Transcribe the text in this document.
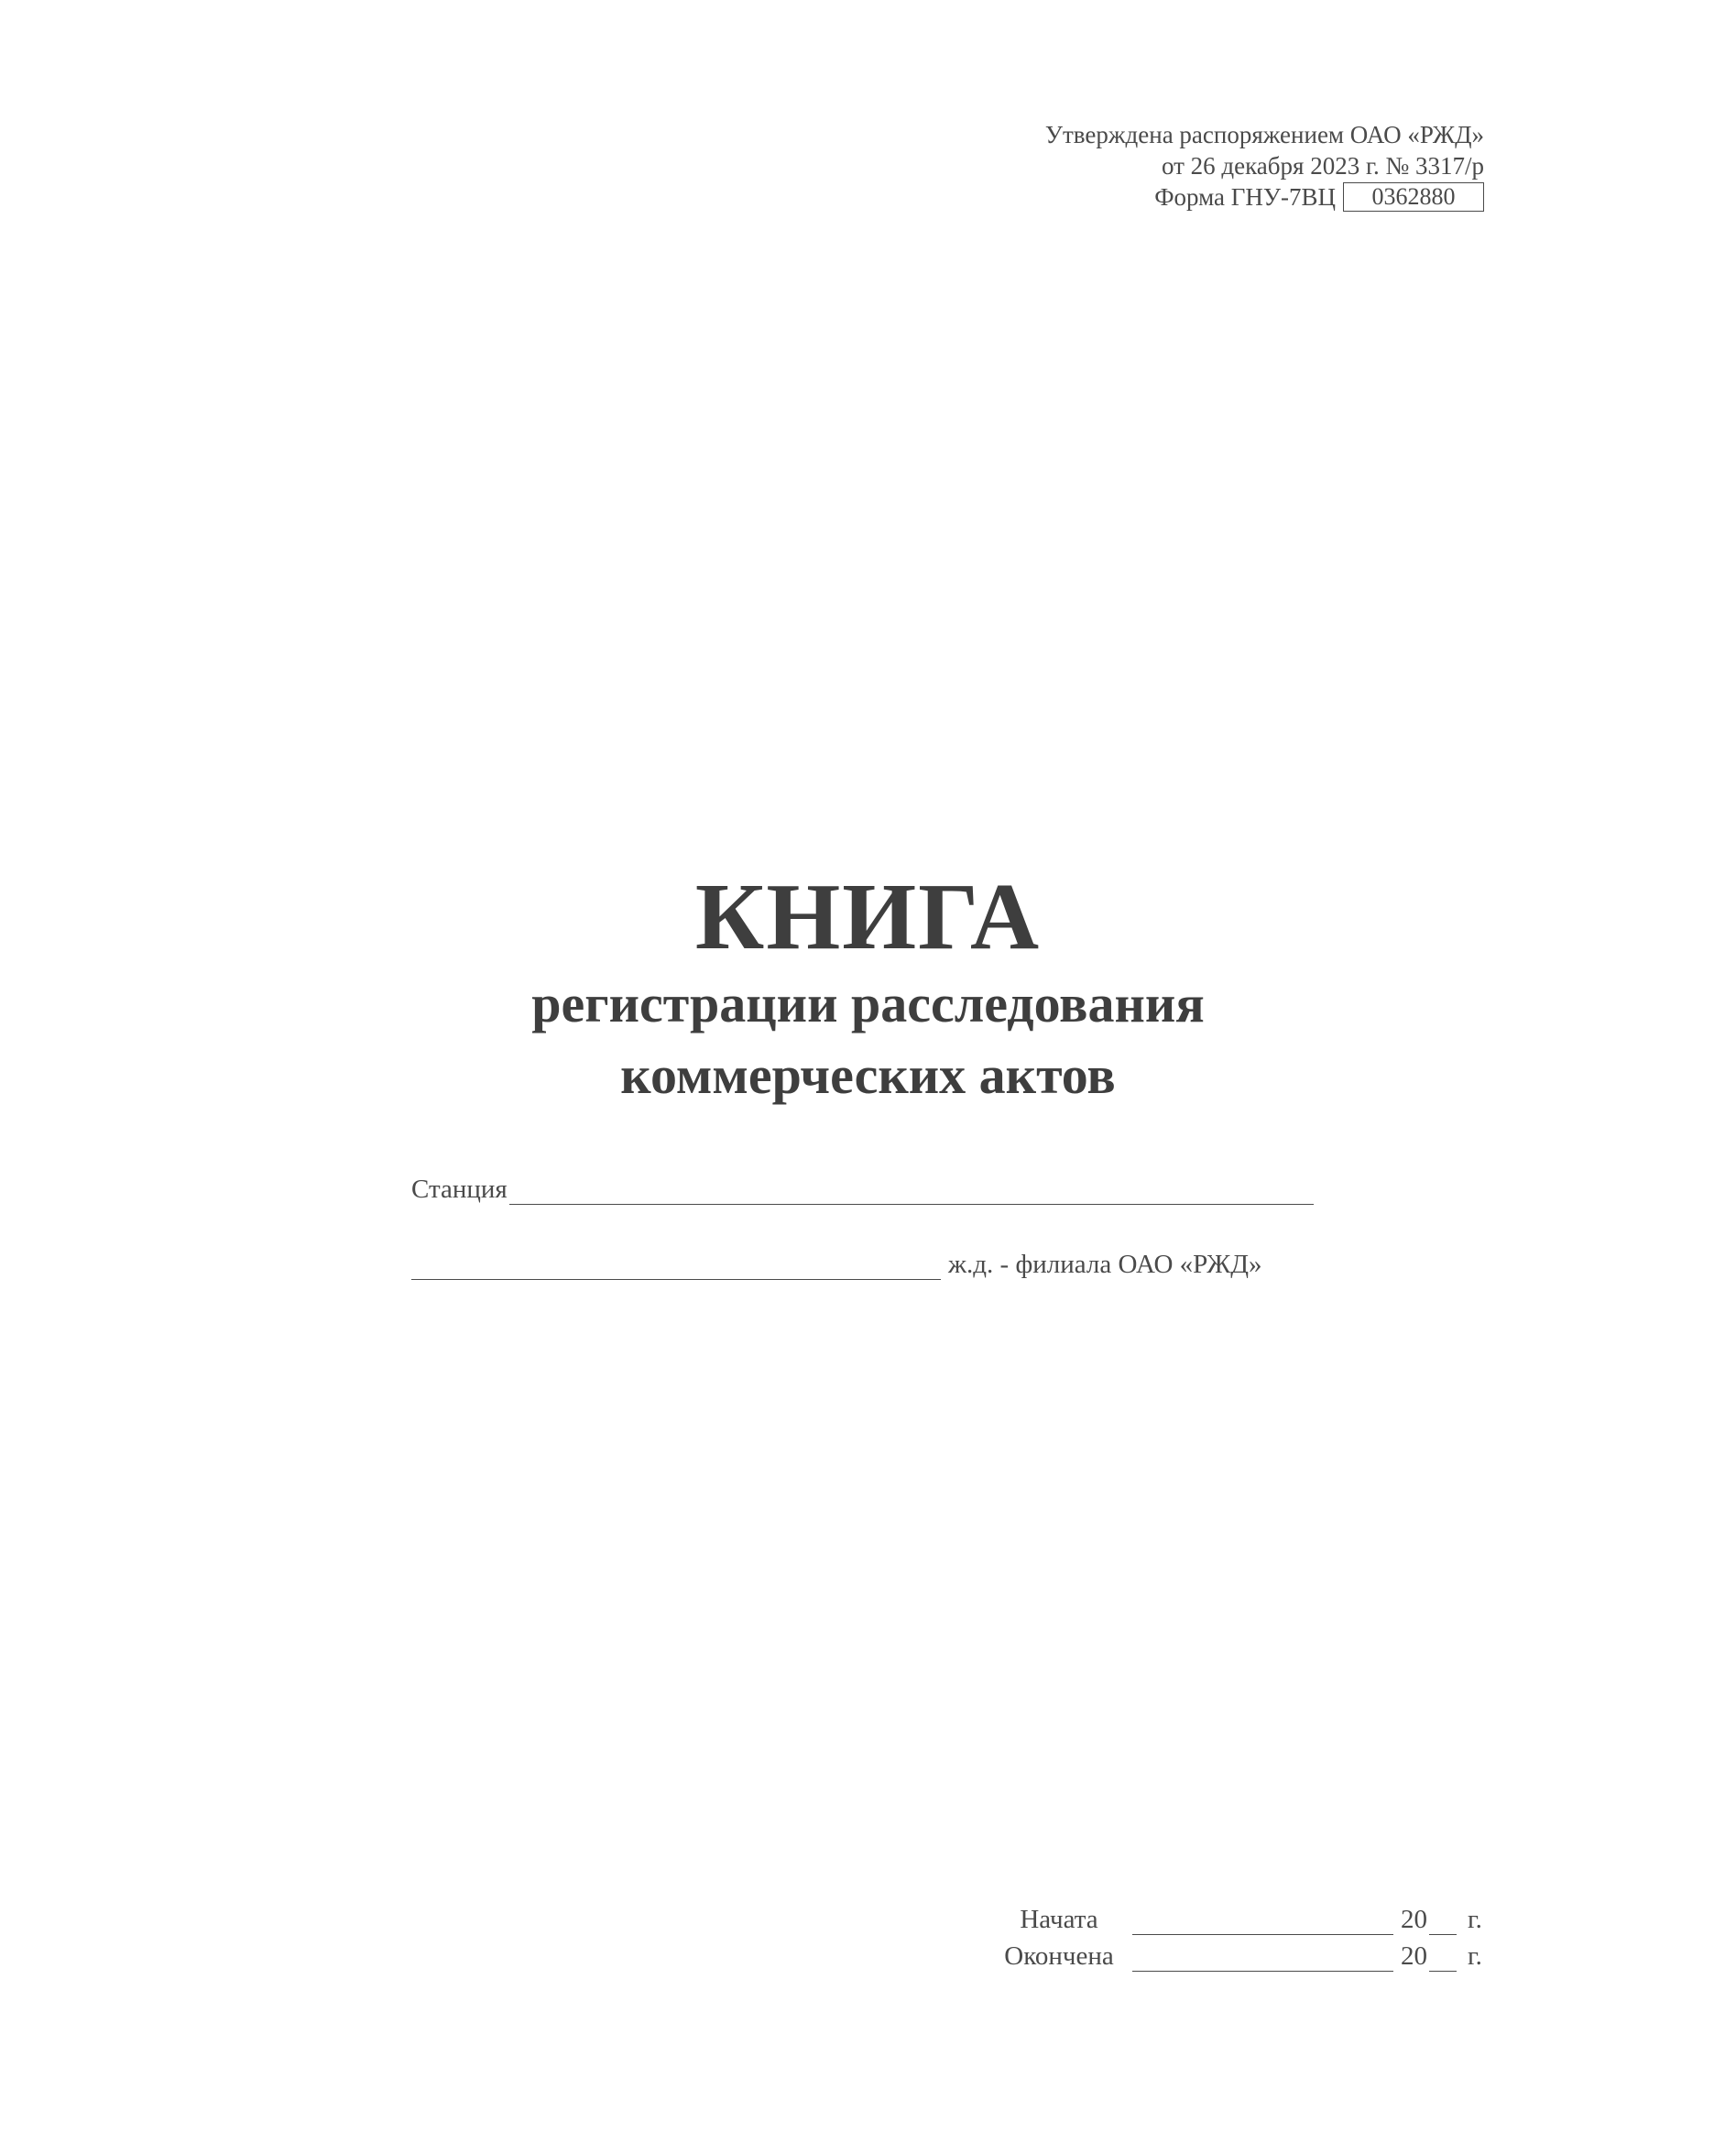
Утверждена распоряжением ОАО «РЖД»
от 26 декабря 2023 г. № 3317/р
Форма ГНУ-7ВЦ	0362880
КНИГА
регистрации расследования
коммерческих актов
Станция
ж.д. - филиала ОАО «РЖД»
Начата	20 г.
Окончена	20 г.
